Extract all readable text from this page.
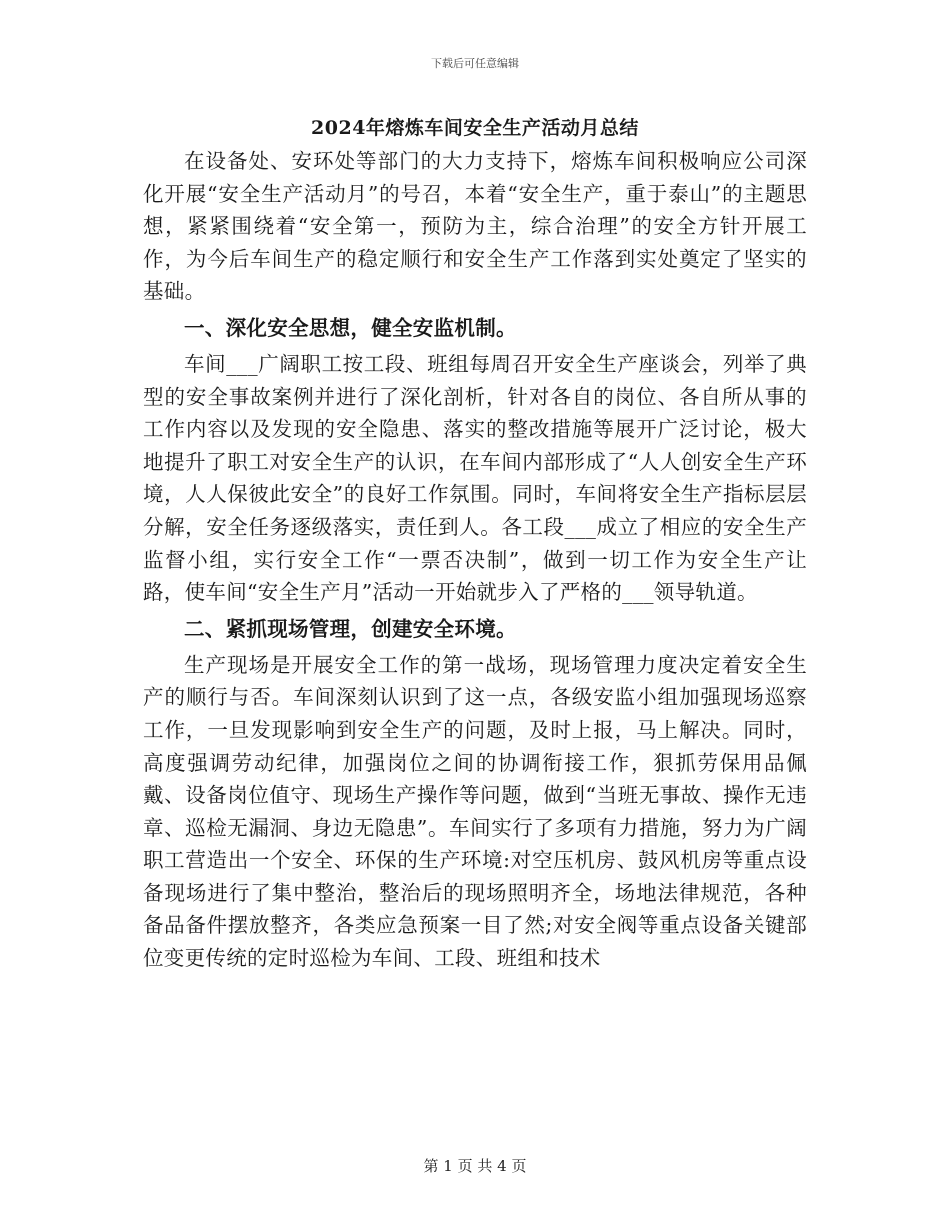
下载后可任意编辑
2024年熔炼车间安全生产活动月总结

在设备处、安环处等部门的大力支持下，熔炼车间积极响应公司深化开展“安全生产活动月”的号召，本着“安全生产，重于泰山”的主题思想，紧紧围绕着“安全第一，预防为主，综合治理”的安全方针开展工作，为今后车间生产的稳定顺行和安全生产工作落到实处奠定了坚实的基础。

一、深化安全思想，健全安监机制。

车间___广阔职工按工段、班组每周召开安全生产座谈会，列举了典型的安全事故案例并进行了深化剖析，针对各自的岗位、各自所从事的工作内容以及发现的安全隐患、落实的整改措施等展开广泛讨论，极大地提升了职工对安全生产的认识，在车间内部形成了“人人创安全生产环境，人人保彼此安全”的良好工作氛围。同时，车间将安全生产指标层层分解，安全任务逐级落实，责任到人。各工段___成立了相应的安全生产监督小组，实行安全工作“一票否决制”，做到一切工作为安全生产让路，使车间“安全生产月”活动一开始就步入了严格的___领导轨道。

二、紧抓现场管理，创建安全环境。

生产现场是开展安全工作的第一战场，现场管理力度决定着安全生产的顺行与否。车间深刻认识到了这一点，各级安监小组加强现场巡察工作，一旦发现影响到安全生产的问题，及时上报，马上解决。同时，高度强调劳动纪律，加强岗位之间的协调衔接工作，狠抓劳保用品佩戴、设备岗位值守、现场生产操作等问题，做到“当班无事故、操作无违章、巡检无漏洞、身边无隐患”。车间实行了多项有力措施，努力为广阔职工营造出一个安全、环保的生产环境:对空压机房、鼓风机房等重点设备现场进行了集中整治，整治后的现场照明齐全，场地法律规范，各种备品备件摆放整齐，各类应急预案一目了然;对安全阀等重点设备关键部位变更传统的定时巡检为车间、工段、班组和技术

第 1 页 共 4 页
